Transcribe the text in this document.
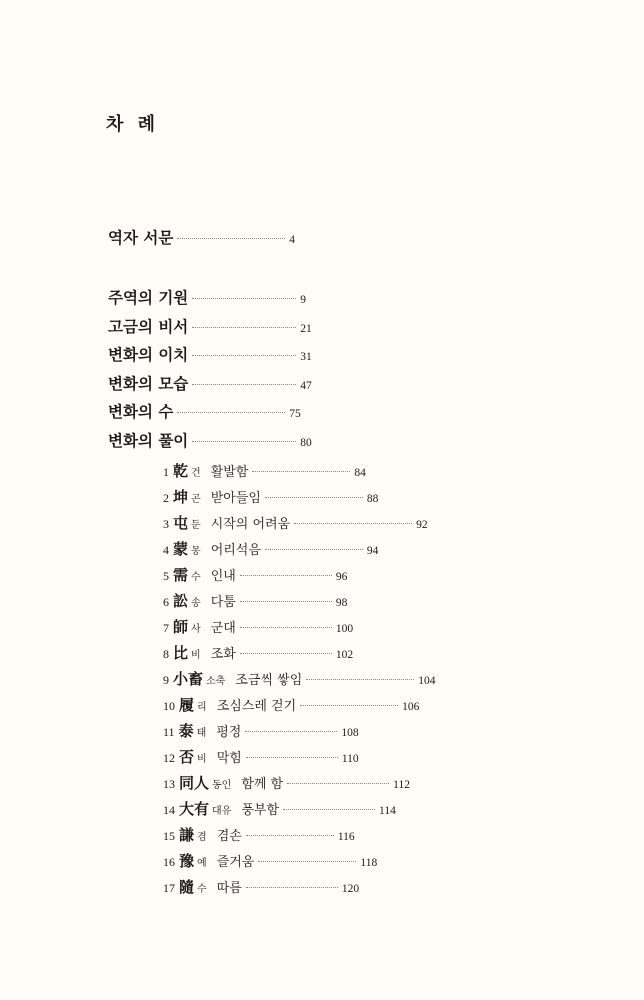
차 례
역자 서문	4
주역의 기원	9
고금의 비서	21
변화의 이치	31
변화의 모습	47
변화의 수	75
변화의 풀이	80
1 乾 건 활발함	84
2 坤 곤 받아들임	88
3 屯 둔 시작의 어려움	92
4 蒙 몽 어리석음	94
5 需 수 인내	96
6 訟 송 다툼	98
7 師 사 군대	100
8 比 비 조화	102
9 小畜 소축 조금씩 쌓임	104
10 履 리 조심스레 걷기	106
11 泰 태 평정	108
12 否 비 막힘	110
13 同人 동인 함께 함	112
14 大有 대유 풍부함	114
15 謙 겸 겸손	116
16 豫 예 즐거움	118
17 隨 수 따름	120
